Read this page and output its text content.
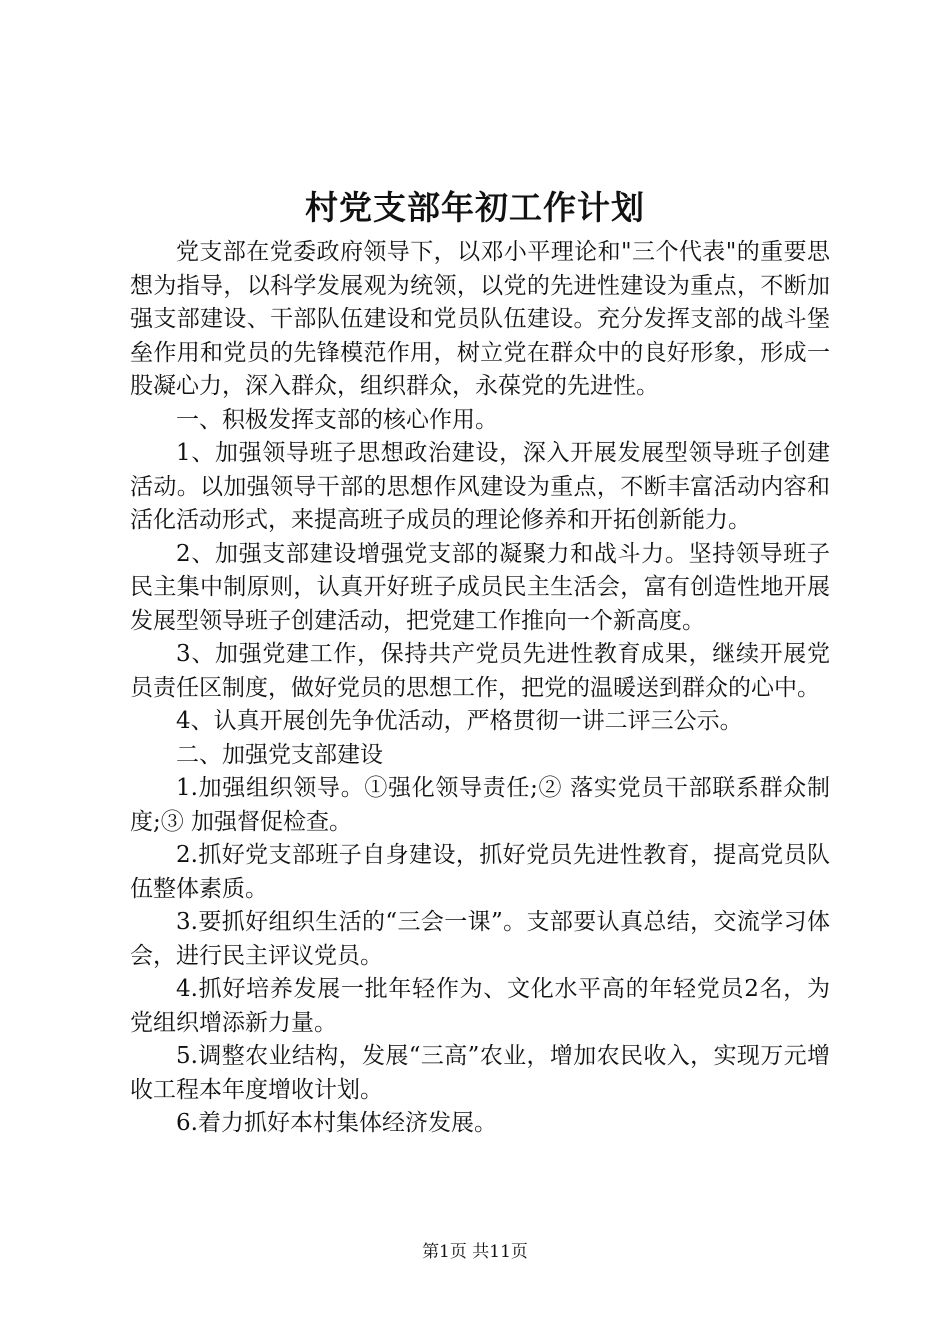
村党支部年初工作计划

党支部在党委政府领导下，以邓小平理论和"三个代表"的重要思想为指导，以科学发展观为统领，以党的先进性建设为重点，不断加强支部建设、干部队伍建设和党员队伍建设。充分发挥支部的战斗堡垒作用和党员的先锋模范作用，树立党在群众中的良好形象，形成一股凝心力，深入群众，组织群众，永葆党的先进性。

一、积极发挥支部的核心作用。

1、加强领导班子思想政治建设，深入开展发展型领导班子创建活动。以加强领导干部的思想作风建设为重点，不断丰富活动内容和活化活动形式，来提高班子成员的理论修养和开拓创新能力。

2、加强支部建设增强党支部的凝聚力和战斗力。坚持领导班子民主集中制原则，认真开好班子成员民主生活会，富有创造性地开展发展型领导班子创建活动，把党建工作推向一个新高度。

3、加强党建工作，保持共产党员先进性教育成果，继续开展党员责任区制度，做好党员的思想工作，把党的温暖送到群众的心中。

4、认真开展创先争优活动，严格贯彻一讲二评三公示。

二、加强党支部建设

1.加强组织领导。①强化领导责任;② 落实党员干部联系群众制度;③ 加强督促检查。

2.抓好党支部班子自身建设，抓好党员先进性教育，提高党员队伍整体素质。

3.要抓好组织生活的“三会一课”。支部要认真总结，交流学习体会，进行民主评议党员。

4.抓好培养发展一批年轻作为、文化水平高的年轻党员2名，为党组织增添新力量。

5.调整农业结构，发展“三高”农业，增加农民收入，实现万元增收工程本年度增收计划。

6.着力抓好本村集体经济发展。

第1页 共11页
